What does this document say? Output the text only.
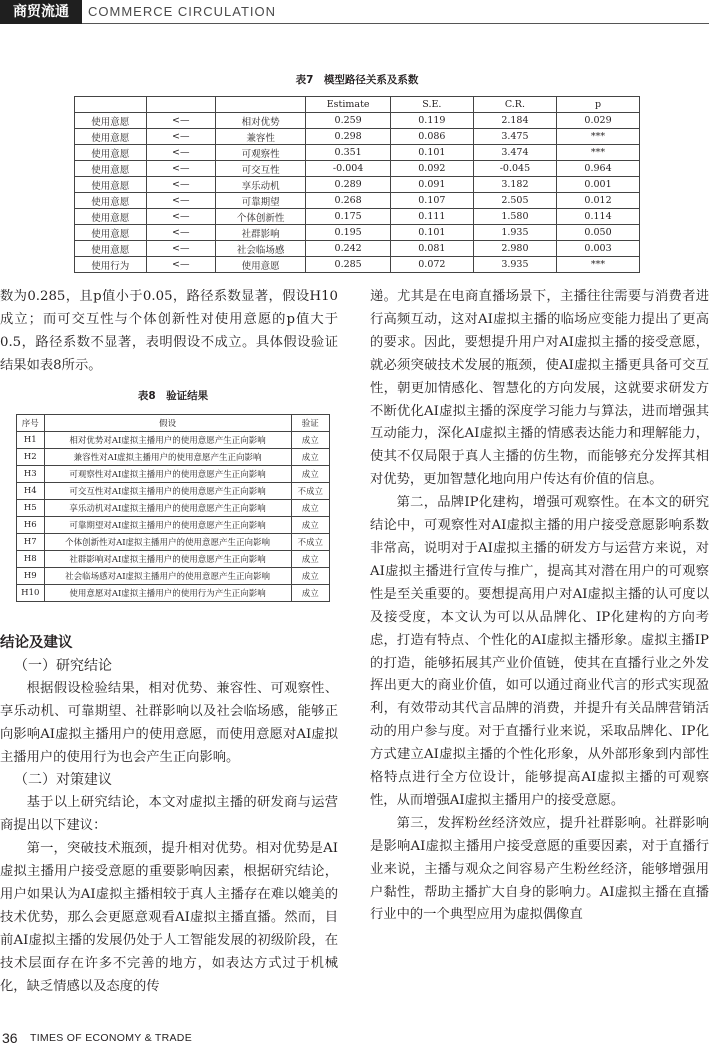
商贸流通	COMMERCE CIRCULATION
表7　模型路径关系及系数
			Estimate	S.E.	C.R.	p
使用意愿	<—	相对优势	0.259	0.119	2.184	0.029
使用意愿	<—	兼容性	0.298	0.086	3.475	***
使用意愿	<—	可观察性	0.351	0.101	3.474	***
使用意愿	<—	可交互性	-0.004	0.092	-0.045	0.964
使用意愿	<—	享乐动机	0.289	0.091	3.182	0.001
使用意愿	<—	可靠期望	0.268	0.107	2.505	0.012
使用意愿	<—	个体创新性	0.175	0.111	1.580	0.114
使用意愿	<—	社群影响	0.195	0.101	1.935	0.050
使用意愿	<—	社会临场感	0.242	0.081	2.980	0.003
使用行为	<—	使用意愿	0.285	0.072	3.935	***

数为0.285，且p值小于0.05，路径系数显著，假设H10成立；而可交互性与个体创新性对使用意愿的p值大于0.5，路径系数不显著，表明假设不成立。具体假设验证结果如表8所示。

表8　验证结果
序号	假设	验证
H1	相对优势对AI虚拟主播用户的使用意愿产生正向影响	成立
H2	兼容性对AI虚拟主播用户的使用意愿产生正向影响	成立
H3	可观察性对AI虚拟主播用户的使用意愿产生正向影响	成立
H4	可交互性对AI虚拟主播用户的使用意愿产生正向影响	不成立
H5	享乐动机对AI虚拟主播用户的使用意愿产生正向影响	成立
H6	可靠期望对AI虚拟主播用户的使用意愿产生正向影响	成立
H7	个体创新性对AI虚拟主播用户的使用意愿产生正向影响	不成立
H8	社群影响对AI虚拟主播用户的使用意愿产生正向影响	成立
H9	社会临场感对AI虚拟主播用户的使用意愿产生正向影响	成立
H10	使用意愿对AI虚拟主播用户的使用行为产生正向影响	成立

结论及建议

（一）研究结论

根据假设检验结果，相对优势、兼容性、可观察性、享乐动机、可靠期望、社群影响以及社会临场感，能够正向影响AI虚拟主播用户的使用意愿，而使用意愿对AI虚拟主播用户的使用行为也会产生正向影响。

（二）对策建议

基于以上研究结论，本文对虚拟主播的研发商与运营商提出以下建议：

第一，突破技术瓶颈，提升相对优势。相对优势是AI虚拟主播用户接受意愿的重要影响因素，根据研究结论，用户如果认为AI虚拟主播相较于真人主播存在难以媲美的技术优势，那么会更愿意观看AI虚拟主播直播。然而，目前AI虚拟主播的发展仍处于人工智能发展的初级阶段，在技术层面存在许多不完善的地方，如表达方式过于机械化，缺乏情感以及态度的传

递。尤其是在电商直播场景下，主播往往需要与消费者进行高频互动，这对AI虚拟主播的临场应变能力提出了更高的要求。因此，要想提升用户对AI虚拟主播的接受意愿，就必须突破技术发展的瓶颈，使AI虚拟主播更具备可交互性，朝更加情感化、智慧化的方向发展，这就要求研发方不断优化AI虚拟主播的深度学习能力与算法，进而增强其互动能力，深化AI虚拟主播的情感表达能力和理解能力，使其不仅局限于真人主播的仿生物，而能够充分发挥其相对优势，更加智慧化地向用户传达有价值的信息。

第二，品牌IP化建构，增强可观察性。在本文的研究结论中，可观察性对AI虚拟主播的用户接受意愿影响系数非常高，说明对于AI虚拟主播的研发方与运营方来说，对AI虚拟主播进行宣传与推广，提高其对潜在用户的可观察性是至关重要的。要想提高用户对AI虚拟主播的认可度以及接受度，本文认为可以从品牌化、IP化建构的方向考虑，打造有特点、个性化的AI虚拟主播形象。虚拟主播IP的打造，能够拓展其产业价值链，使其在直播行业之外发挥出更大的商业价值，如可以通过商业代言的形式实现盈利，有效带动其代言品牌的消费，并提升有关品牌营销活动的用户参与度。对于直播行业来说，采取品牌化、IP化方式建立AI虚拟主播的个性化形象，从外部形象到内部性格特点进行全方位设计，能够提高AI虚拟主播的可观察性，从而增强AI虚拟主播用户的接受意愿。

第三，发挥粉丝经济效应，提升社群影响。社群影响是影响AI虚拟主播用户接受意愿的重要因素，对于直播行业来说，主播与观众之间容易产生粉丝经济，能够增强用户黏性，帮助主播扩大自身的影响力。AI虚拟主播在直播行业中的一个典型应用为虚拟偶像直

36 TIMES OF ECONOMY & TRADE
